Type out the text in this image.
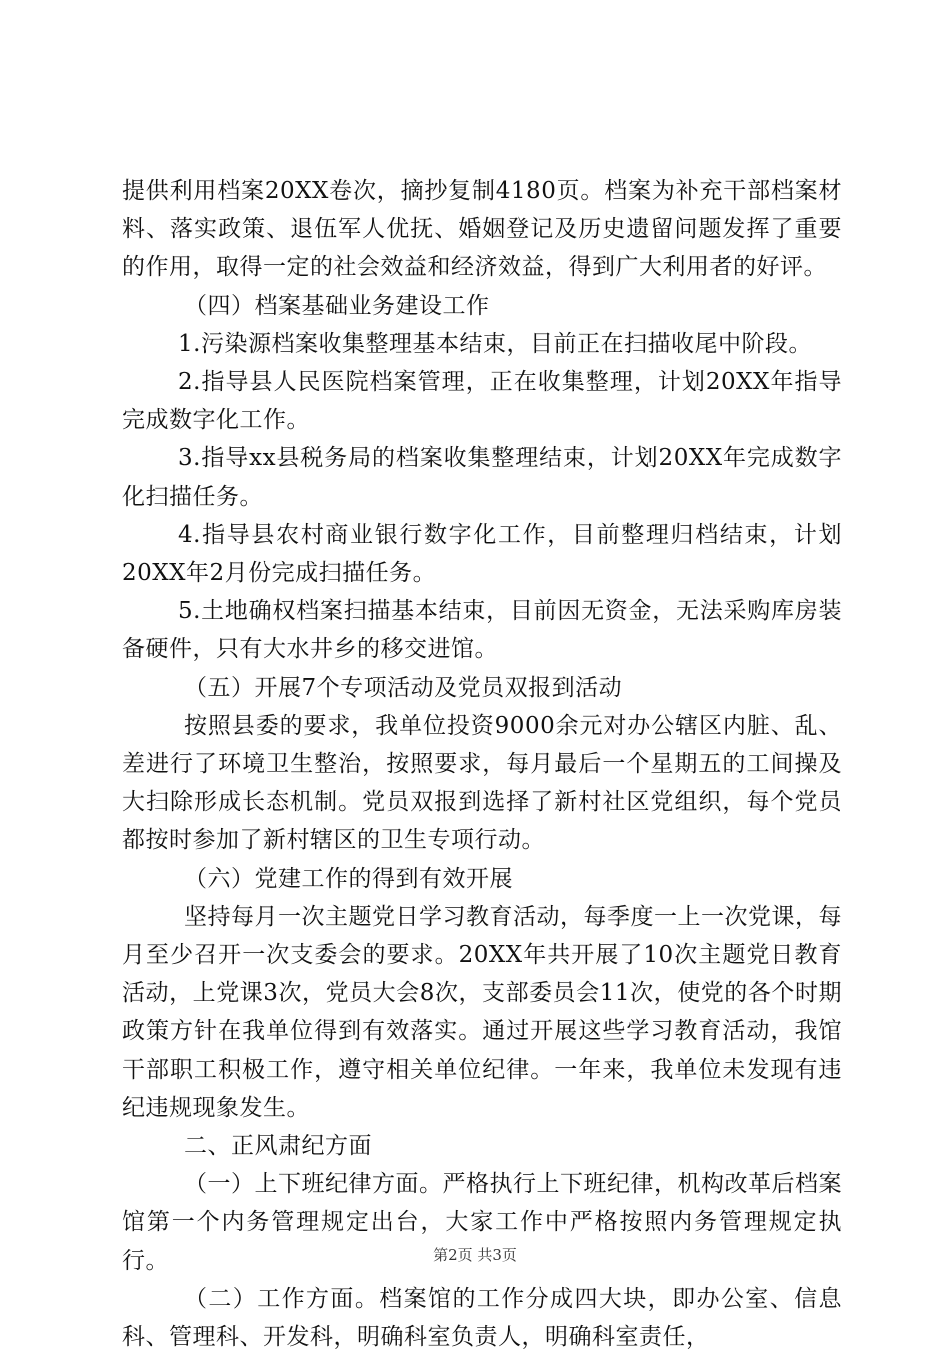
提供利用档案20XX卷次，摘抄复制4180页。档案为补充干部档案材料、落实政策、退伍军人优抚、婚姻登记及历史遗留问题发挥了重要的作用，取得一定的社会效益和经济效益，得到广大利用者的好评。

（四）档案基础业务建设工作

1.污染源档案收集整理基本结束，目前正在扫描收尾中阶段。

2.指导县人民医院档案管理，正在收集整理，计划20XX年指导完成数字化工作。

3.指导xx县税务局的档案收集整理结束，计划20XX年完成数字化扫描任务。

4.指导县农村商业银行数字化工作，目前整理归档结束，计划20XX年2月份完成扫描任务。

5.土地确权档案扫描基本结束，目前因无资金，无法采购库房装备硬件，只有大水井乡的移交进馆。

（五）开展7个专项活动及党员双报到活动

按照县委的要求，我单位投资9000余元对办公辖区内脏、乱、差进行了环境卫生整治，按照要求，每月最后一个星期五的工间操及大扫除形成长态机制。党员双报到选择了新村社区党组织，每个党员都按时参加了新村辖区的卫生专项行动。

（六）党建工作的得到有效开展

坚持每月一次主题党日学习教育活动，每季度一上一次党课，每月至少召开一次支委会的要求。20XX年共开展了10次主题党日教育活动，上党课3次，党员大会8次，支部委员会11次，使党的各个时期政策方针在我单位得到有效落实。通过开展这些学习教育活动，我馆干部职工积极工作，遵守相关单位纪律。一年来，我单位未发现有违纪违规现象发生。

二、正风肃纪方面

（一）上下班纪律方面。严格执行上下班纪律，机构改革后档案馆第一个内务管理规定出台，大家工作中严格按照内务管理规定执行。

（二）工作方面。档案馆的工作分成四大块，即办公室、信息科、管理科、开发科，明确科室负责人，明确科室责任，

第2页 共3页
